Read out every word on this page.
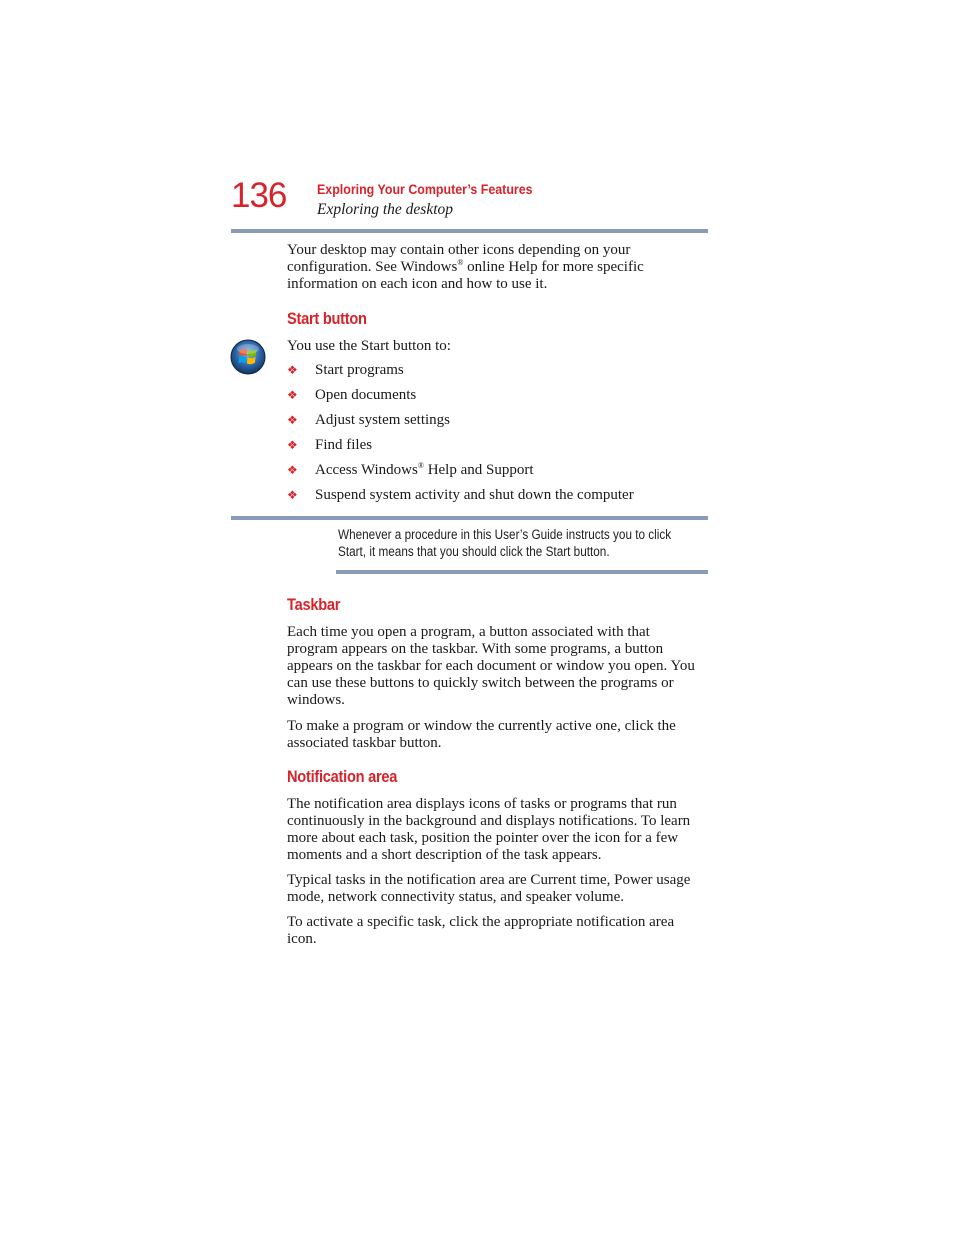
136 Exploring Your Computer’s Features
Exploring the desktop
Your desktop may contain other icons depending on your
configuration. See Windows® online Help for more specific
information on each icon and how to use it.
Start button
You use the Start button to:
❖ Start programs
❖ Open documents
❖ Adjust system settings
❖ Find files
❖ Access Windows® Help and Support
❖ Suspend system activity and shut down the computer
Whenever a procedure in this User’s Guide instructs you to click
Start, it means that you should click the Start button.
Taskbar
Each time you open a program, a button associated with that
program appears on the taskbar. With some programs, a button
appears on the taskbar for each document or window you open. You
can use these buttons to quickly switch between the programs or
windows.
To make a program or window the currently active one, click the
associated taskbar button.
Notification area
The notification area displays icons of tasks or programs that run
continuously in the background and displays notifications. To learn
more about each task, position the pointer over the icon for a few
moments and a short description of the task appears.
Typical tasks in the notification area are Current time, Power usage
mode, network connectivity status, and speaker volume.
To activate a specific task, click the appropriate notification area
icon.
